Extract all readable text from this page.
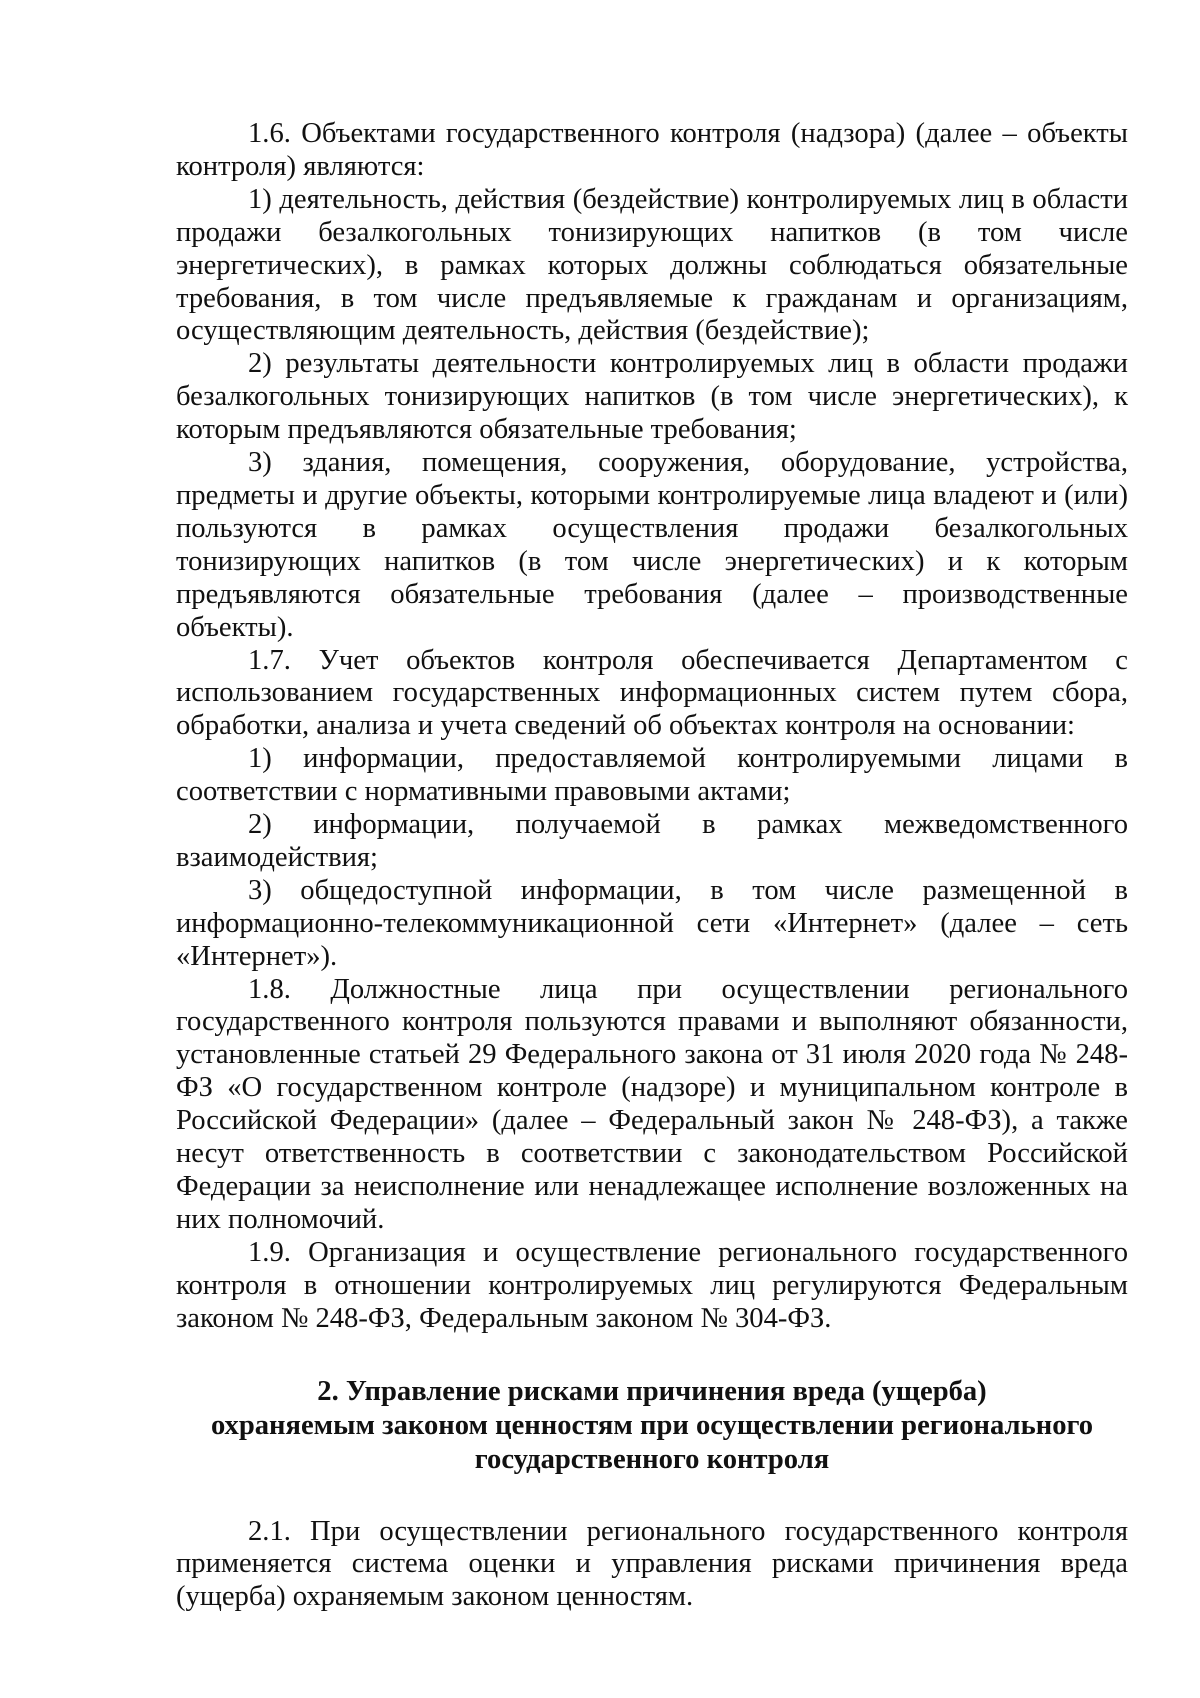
1.6. Объектами государственного контроля (надзора) (далее – объекты контроля) являются:

1) деятельность, действия (бездействие) контролируемых лиц в области продажи безалкогольных тонизирующих напитков (в том числе энергетических), в рамках которых должны соблюдаться обязательные требования, в том числе предъявляемые к гражданам и организациям, осуществляющим деятельность, действия (бездействие);

2) результаты деятельности контролируемых лиц в области продажи безалкогольных тонизирующих напитков (в том числе энергетических), к которым предъявляются обязательные требования;

3) здания, помещения, сооружения, оборудование, устройства, предметы и другие объекты, которыми контролируемые лица владеют и (или) пользуются в рамках осуществления продажи безалкогольных тонизирующих напитков (в том числе энергетических) и к которым предъявляются обязательные требования (далее – производственные объекты).

1.7. Учет объектов контроля обеспечивается Департаментом с использованием государственных информационных систем путем сбора, обработки, анализа и учета сведений об объектах контроля на основании:

1) информации, предоставляемой контролируемыми лицами в соответствии с нормативными правовыми актами;

2) информации, получаемой в рамках межведомственного взаимодействия;

3) общедоступной информации, в том числе размещенной в информационно-телекоммуникационной сети «Интернет» (далее – сеть «Интернет»).

1.8. Должностные лица при осуществлении регионального государственного контроля пользуются правами и выполняют обязанности, установленные статьей 29 Федерального закона от 31 июля 2020 года № 248-ФЗ «О государственном контроле (надзоре) и муниципальном контроле в Российской Федерации» (далее – Федеральный закон № 248-ФЗ), а также несут ответственность в соответствии с законодательством Российской Федерации за неисполнение или ненадлежащее исполнение возложенных на них полномочий.

1.9. Организация и осуществление регионального государственного контроля в отношении контролируемых лиц регулируются Федеральным законом № 248-ФЗ, Федеральным законом № 304-ФЗ.

2. Управление рисками причинения вреда (ущерба)
охраняемым законом ценностям при осуществлении регионального
государственного контроля

2.1. При осуществлении регионального государственного контроля применяется система оценки и управления рисками причинения вреда (ущерба) охраняемым законом ценностям.
